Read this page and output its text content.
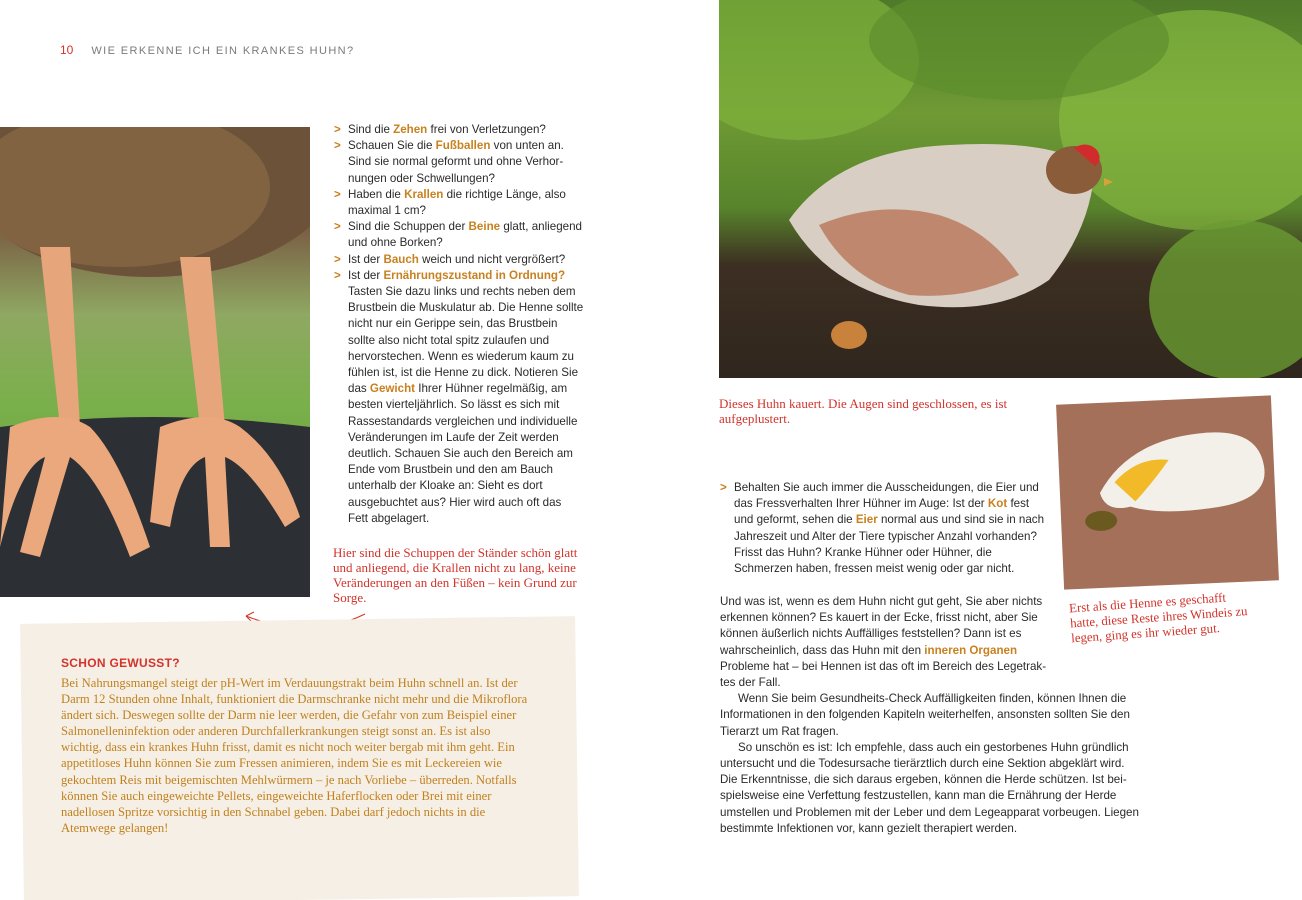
10 WIE ERKENNE ICH EIN KRANKES HUHN?
> Sind die Zehen frei von Verletzungen?
> Schauen Sie die Fußballen von unten an. Sind sie normal geformt und ohne Verhornungen oder Schwellungen?
> Haben die Krallen die richtige Länge, also maximal 1 cm?
> Sind die Schuppen der Beine glatt, anliegend und ohne Borken?
> Ist der Bauch weich und nicht vergrößert?
> Ist der Ernährungszustand in Ordnung? Tasten Sie dazu links und rechts neben dem Brustbein die Muskulatur ab. Die Henne sollte nicht nur ein Gerippe sein, das Brustbein sollte also nicht total spitz zulaufen und hervorstechen. Wenn es wiederum kaum zu fühlen ist, ist die Henne zu dick. Notieren Sie das Gewicht Ihrer Hühner regelmäßig, am besten vierteljährlich. So lässt es sich mit Rassestandards vergleichen und individuelle Veränderungen im Laufe der Zeit werden deutlich. Schauen Sie auch den Bereich am Ende vom Brustbein und den am Bauch unterhalb der Kloake an: Sieht es dort ausgebuchtet aus? Hier wird auch oft das Fett abgelagert.
Hier sind die Schuppen der Ständer schön glatt und anliegend, die Krallen nicht zu lang, keine Veränderungen an den Füßen – kein Grund zur Sorge.
SCHON GEWUSST?
Bei Nahrungsmangel steigt der pH-Wert im Verdauungstrakt beim Huhn schnell an. Ist der Darm 12 Stunden ohne Inhalt, funktioniert die Darmschranke nicht mehr und die Mikroflora ändert sich. Deswegen sollte der Darm nie leer werden, die Gefahr von zum Beispiel einer Salmonelleninfektion oder anderen Durchfallerkrankungen steigt sonst an. Es ist also wichtig, dass ein krankes Huhn frisst, damit es nicht noch weiter bergab mit ihm geht. Ein appetitloses Huhn können Sie zum Fressen animieren, indem Sie es mit Leckereien wie gekochtem Reis mit beigemischten Mehlwürmern – je nach Vorliebe – überreden. Notfalls können Sie auch eingeweichte Pellets, eingeweichte Haferflocken oder Brei mit einer nadellosen Spritze vorsichtig in den Schnabel geben. Dabei darf jedoch nichts in die Atemwege gelangen!
Dieses Huhn kauert. Die Augen sind geschlossen, es ist aufgeplustert.
Erst als die Henne es geschafft hatte, diese Reste ihres Windeis zu legen, ging es ihr wieder gut.
> Behalten Sie auch immer die Ausscheidungen, die Eier und das Fressverhalten Ihrer Hühner im Auge: Ist der Kot fest und geformt, sehen die Eier normal aus und sind sie in nach Jahreszeit und Alter der Tiere typischer Anzahl vorhanden? Frisst das Huhn? Kranke Hühner oder Hühner, die Schmerzen haben, fressen meist wenig oder gar nicht.

Und was ist, wenn es dem Huhn nicht gut geht, Sie aber nichts erkennen können? Es kauert in der Ecke, frisst nicht, aber Sie können äußerlich nichts Auffälliges feststellen? Dann ist es wahrscheinlich, dass das Huhn mit den inneren Organen Probleme hat – bei Hennen ist das oft im Bereich des Legetraktes der Fall.

Wenn Sie beim Gesundheits-Check Auffälligkeiten finden, können Ihnen die Informationen in den folgenden Kapiteln weiterhelfen, ansonsten sollten Sie den Tierarzt um Rat fragen.

So unschön es ist: Ich empfehle, dass auch ein gestorbenes Huhn gründlich untersucht und die Todesursache tierärztlich durch eine Sektion abgeklärt wird. Die Erkenntnisse, die sich daraus ergeben, können die Herde schützen. Ist beispielsweise eine Verfettung festzustellen, kann man die Ernährung der Herde umstellen und Problemen mit der Leber und dem Legeapparat vorbeugen. Liegen bestimmte Infektionen vor, kann gezielt therapiert werden.
